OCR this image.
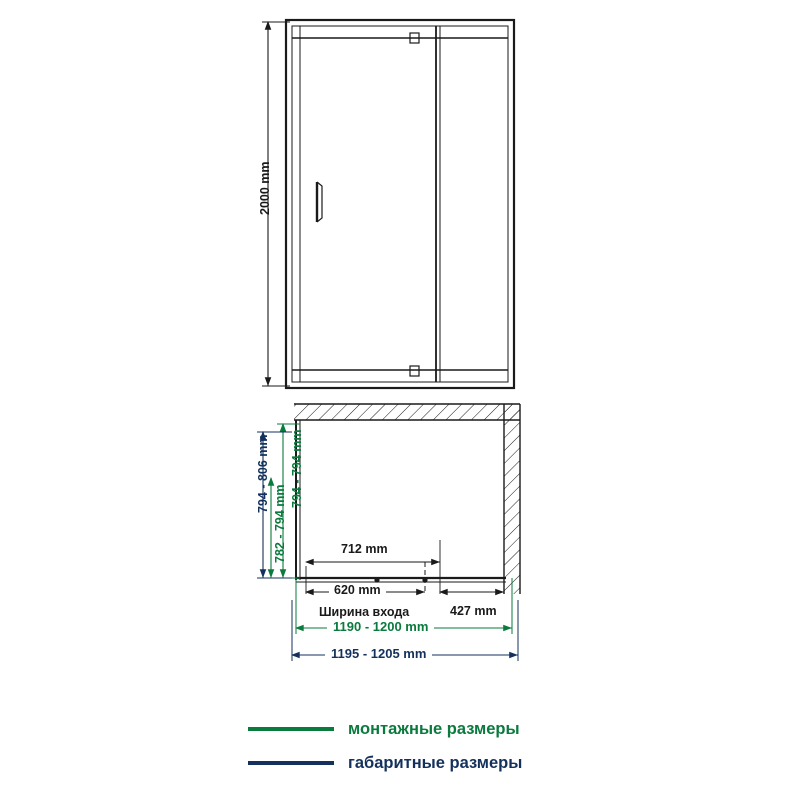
2000 mm
794 - 794 mm
794 - 806 mm
782 - 794 mm	712 mm
620 mm
Ширина входа	427 mm
1190 - 1200 mm
1195 - 1205 mm
монтажные размеры
габаритные размеры
